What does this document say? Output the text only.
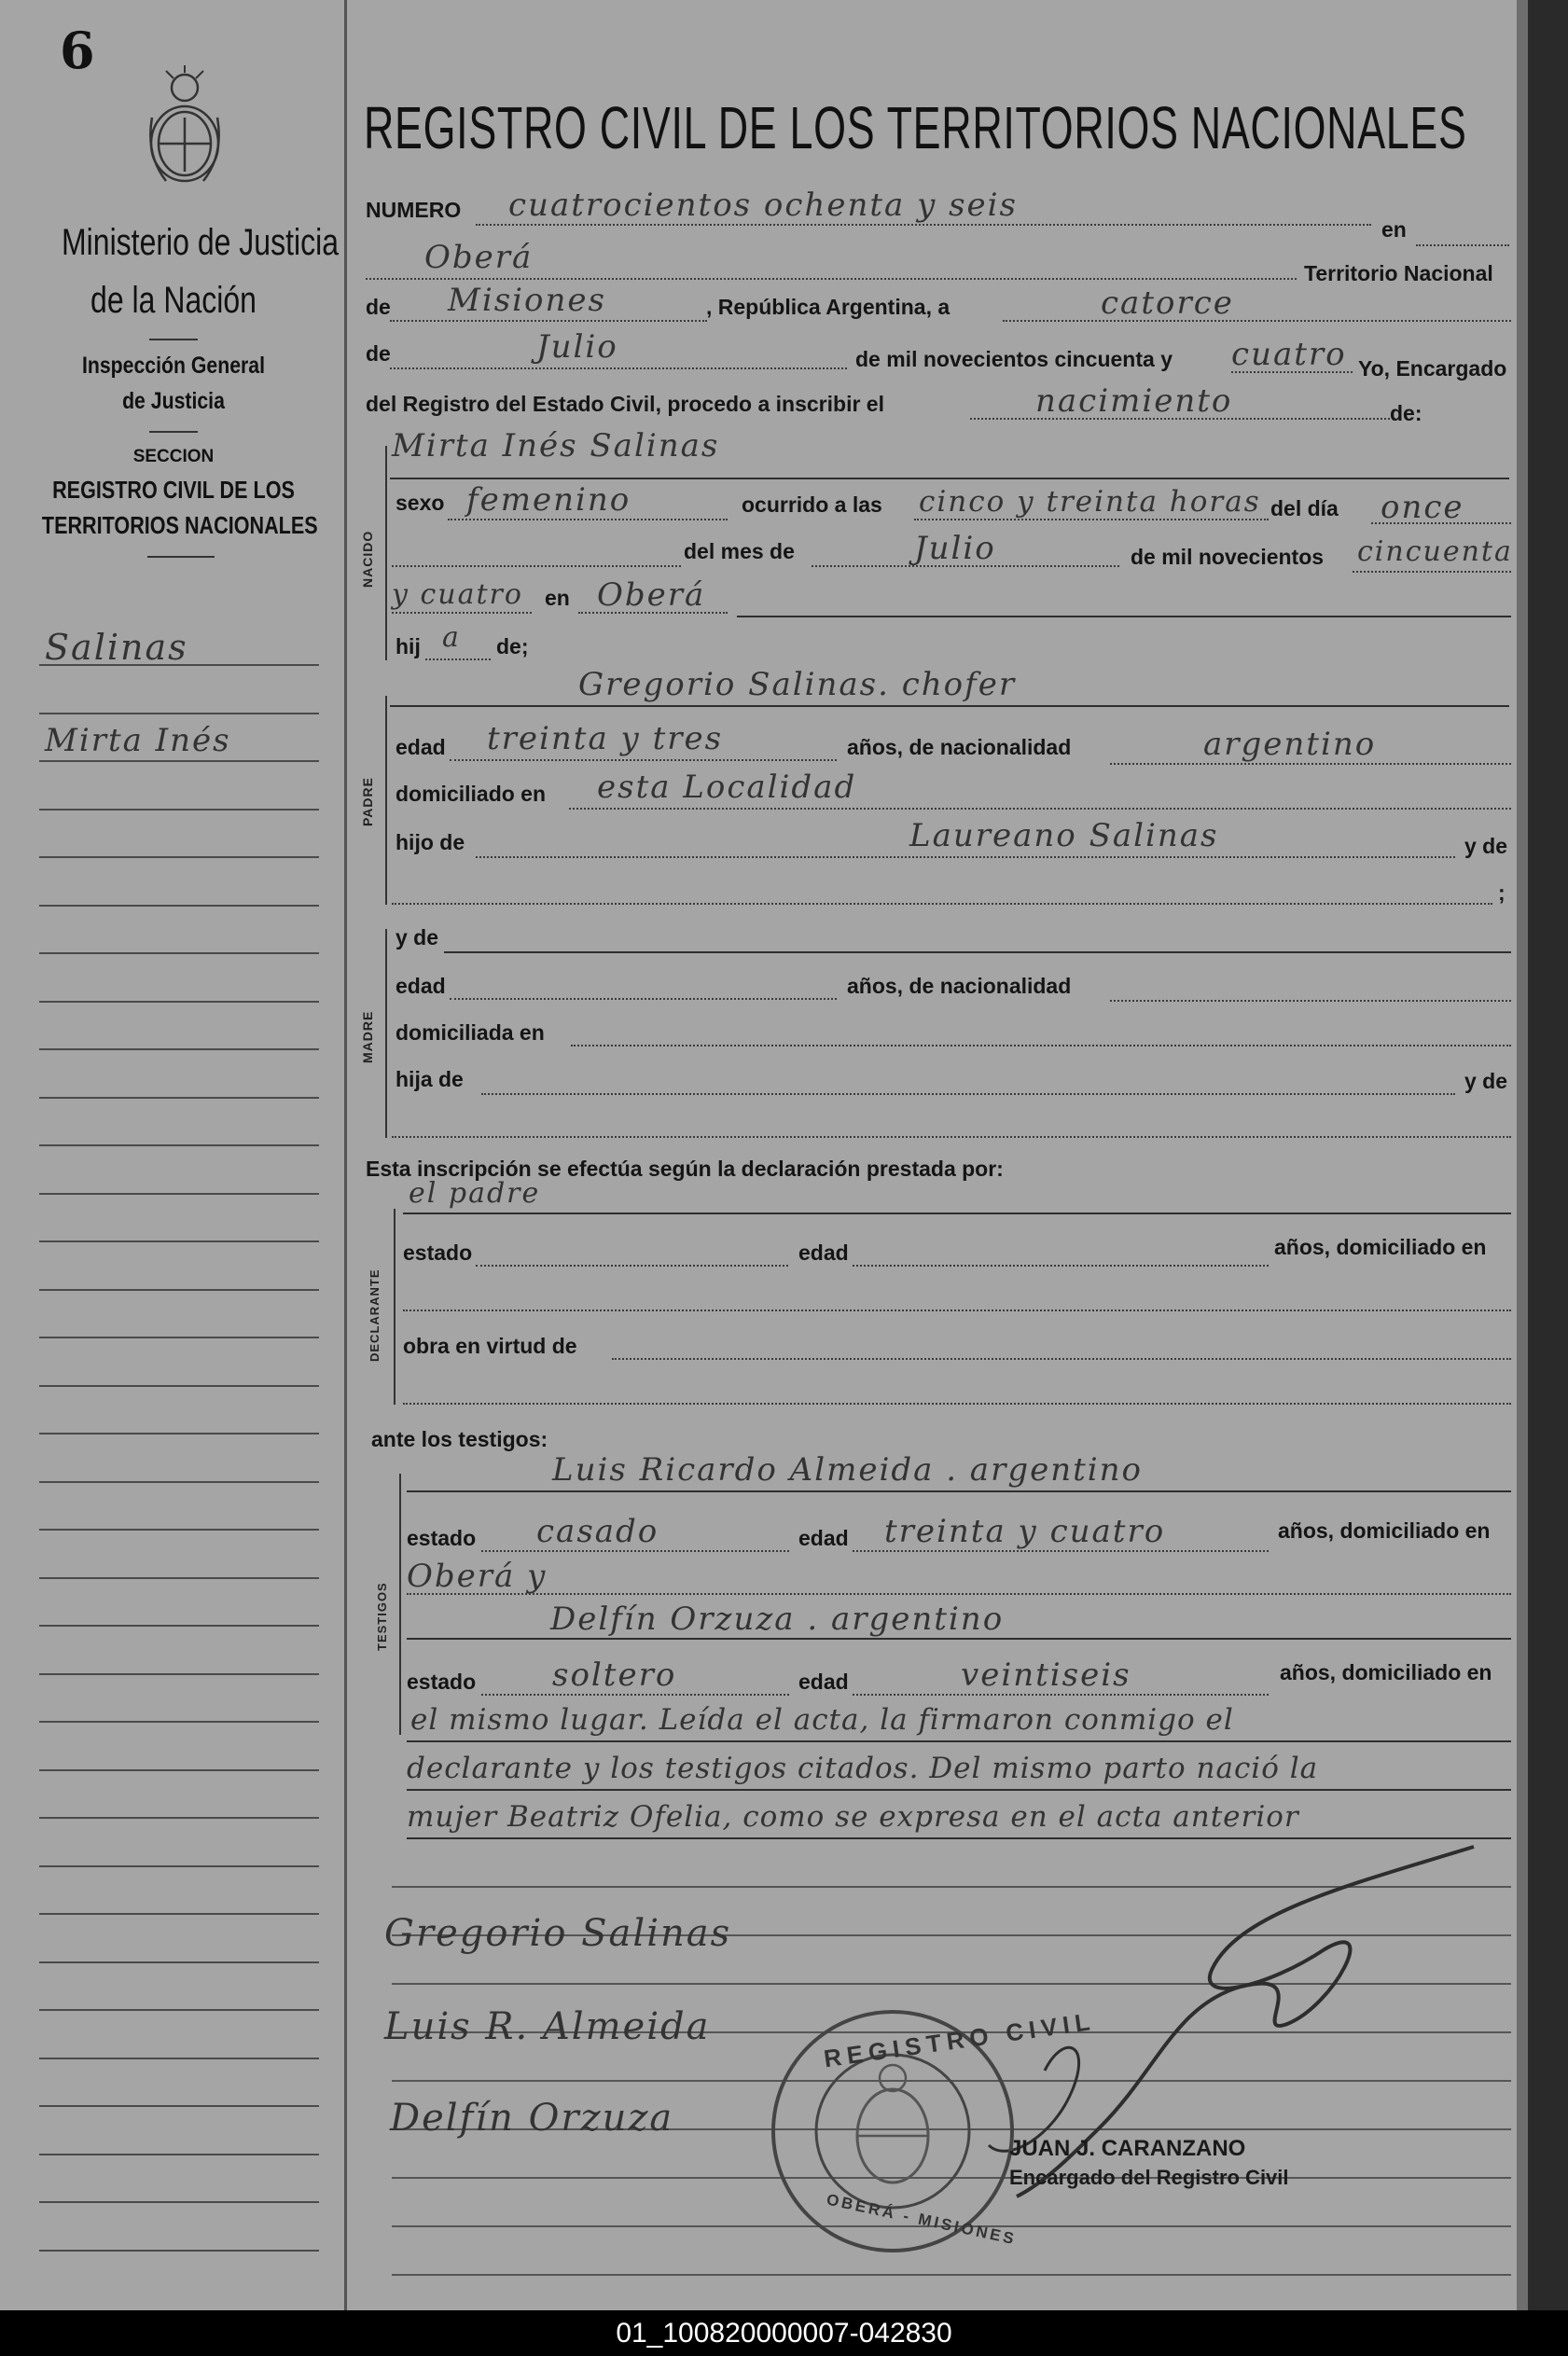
6
Ministerio de Justicia
de la Nación
Inspección General
de Justicia
SECCION
REGISTRO CIVIL DE LOS
TERRITORIOS NACIONALES
Salinas
Mirta Inés
REGISTRO CIVIL DE LOS TERRITORIOS NACIONALES
NUMERO cuatrocientos ochenta y seis
en
Oberá	Territorio Nacional
de Misiones	, República Argentina, a	catorce
de	Julio	de mil novecientos cincuenta y cuatro Yo, Encargado
del Registro del Estado Civil, procedo a inscribir el	nacimiento	de:
NACIDO
Mirta Inés Salinas
sexo femenino	ocurrido a las cinco y treinta horas del día once
del mes de	Julio	de mil novecientos cincuenta
y cuatro en Oberá
hij a de;
PADRE
Gregorio Salinas. chofer
edad treinta y tres	años, de nacionalidad	argentino
domiciliado en esta Localidad
hijo de	Laureano Salinas	y de
;
MADRE
y de
edad	años, de nacionalidad
domiciliada en
hija de	y de
Esta inscripción se efectúa según la declaración prestada por:
el padre
DECLARANTE
estado	edad	años, domiciliado en
obra en virtud de
ante los testigos:
TESTIGOS
Luis Ricardo Almeida . argentino
estado casado	edad treinta y cuatro	años, domiciliado en
Oberá y
Delfín Orzuza . argentino
estado soltero	edad	veintiseis	años, domiciliado en
el mismo lugar. Leída el acta, la firmaron conmigo el
declarante y los testigos citados. Del mismo parto nació la
mujer Beatriz Ofelia, como se expresa en el acta anterior
Gregorio Salinas
Luis R. Almeida
Delfín Orzuza
REGISTRO CIVIL
OBERÁ - MISIONES
JUAN J. CARANZANO
Encargado del Registro Civil
01_100820000007-042830
